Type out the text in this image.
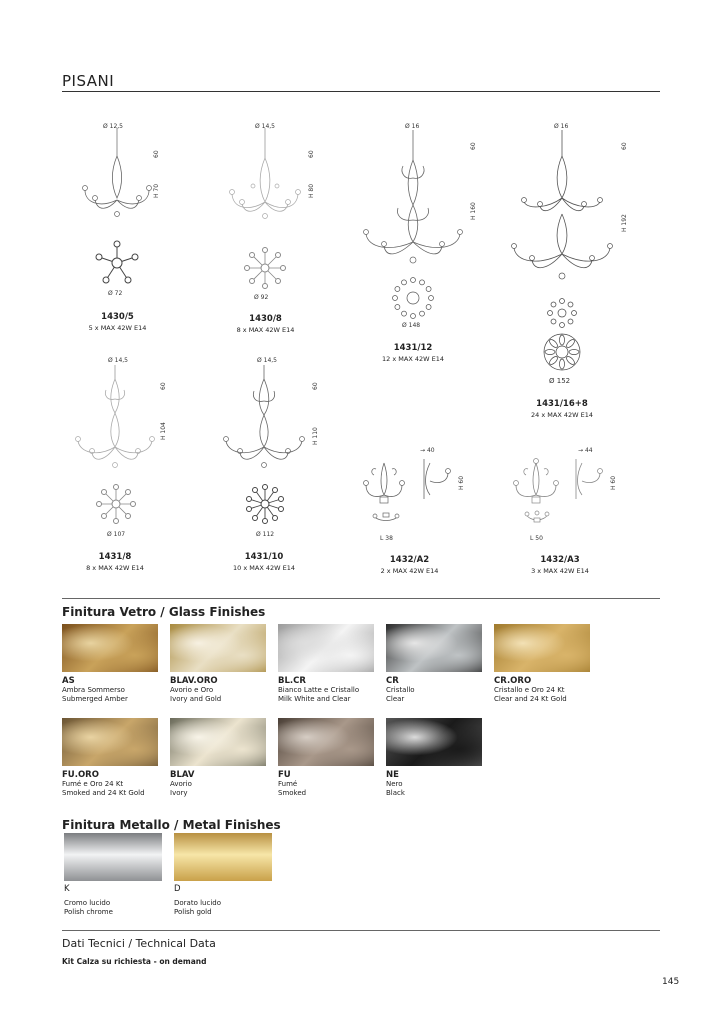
PISANI
Ø 12,5
60
H 70
Ø 72
1430/5
5 x MAX 42W E14
Ø 14,5
60
H 80
Ø 92
1430/8
8 x MAX 42W E14
Ø 16
60
H 160
Ø 148
1431/12
12 x MAX 42W E14
Ø 16
60
H 192
Ø 152
1431/16+8
24 x MAX 42W E14
Ø 14,5
60
H 104
Ø 107
1431/8
8 x MAX 42W E14
Ø 14,5
60
H 110
Ø 112
1431/10
10 x MAX 42W E14
→ 40
H 60
L 38
1432/A2
2 x MAX 42W E14
→ 44
H 60
L 50
1432/A3
3 x MAX 42W E14
Finitura Vetro / Glass Finishes
AS
Ambra Sommerso
Submerged Amber
BLAV.ORO
Avorio e Oro
Ivory and Gold
BL.CR
Bianco Latte e Cristallo
Milk White and Clear
CR
Cristallo
Clear
CR.ORO
Cristallo e Oro 24 Kt
Clear and 24 Kt Gold
FU.ORO
Fumé e Oro 24 Kt
Smoked and 24 Kt Gold
BLAV
Avorio
Ivory
FU
Fumé
Smoked
NE
Nero
Black
Finitura Metallo / Metal Finishes
K
Cromo lucido
Polish chrome
D
Dorato lucido
Polish gold
Dati Tecnici / Technical Data
Kit Calza su richiesta - on demand
145
